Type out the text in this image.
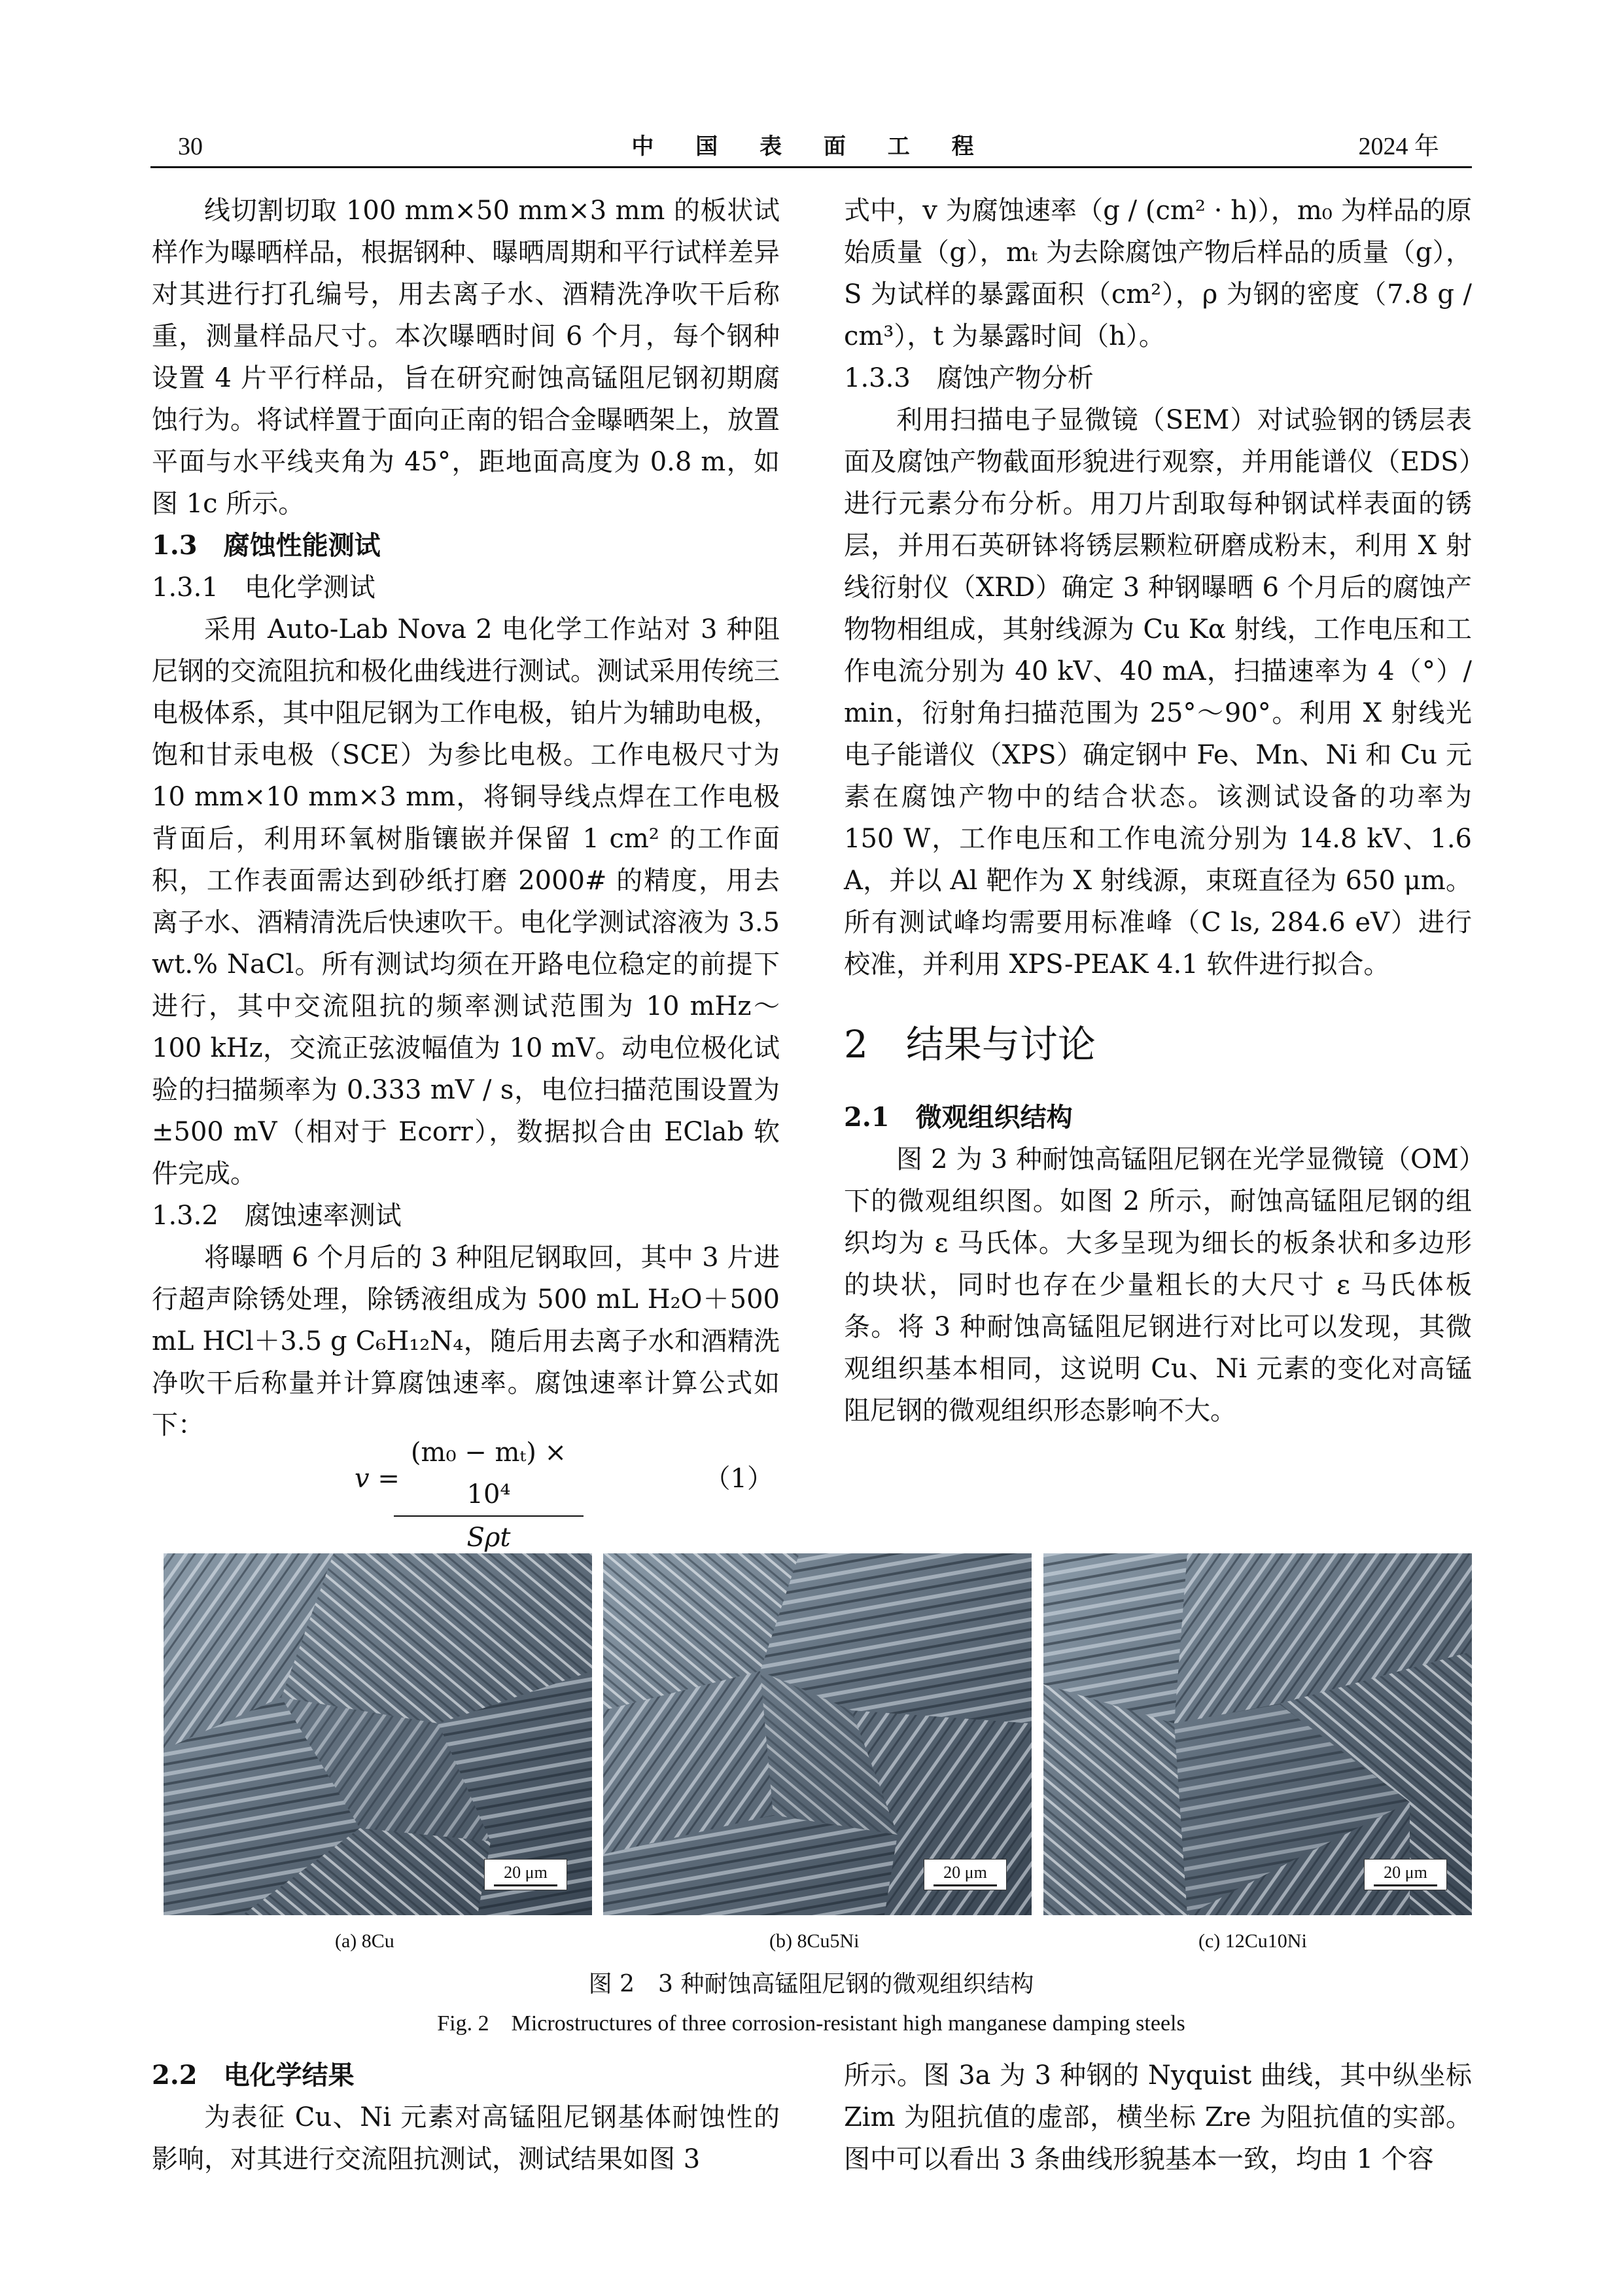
30	中 国 表 面 工 程	2024 年

线切割切取 100 mm×50 mm×3 mm 的板状试样作为曝晒样品，根据钢种、曝晒周期和平行试样差异对其进行打孔编号，用去离子水、酒精洗净吹干后称重，测量样品尺寸。本次曝晒时间 6 个月，每个钢种设置 4 片平行样品，旨在研究耐蚀高锰阻尼钢初期腐蚀行为。将试样置于面向正南的铝合金曝晒架上，放置平面与水平线夹角为 45°，距地面高度为 0.8 m，如图 1c 所示。

1.3　腐蚀性能测试

1.3.1　电化学测试

采用 Auto-Lab Nova 2 电化学工作站对 3 种阻尼钢的交流阻抗和极化曲线进行测试。测试采用传统三电极体系，其中阻尼钢为工作电极，铂片为辅助电极，饱和甘汞电极（SCE）为参比电极。工作电极尺寸为 10 mm×10 mm×3 mm，将铜导线点焊在工作电极背面后，利用环氧树脂镶嵌并保留 1 cm² 的工作面积，工作表面需达到砂纸打磨 2000# 的精度，用去离子水、酒精清洗后快速吹干。电化学测试溶液为 3.5 wt.% NaCl。所有测试均须在开路电位稳定的前提下进行，其中交流阻抗的频率测试范围为 10 mHz～100 kHz，交流正弦波幅值为 10 mV。动电位极化试验的扫描频率为 0.333 mV / s，电位扫描范围设置为 ±500 mV（相对于 Ecorr），数据拟合由 EClab 软件完成。

1.3.2　腐蚀速率测试

将曝晒 6 个月后的 3 种阻尼钢取回，其中 3 片进行超声除锈处理，除锈液组成为 500 mL H₂O＋500 mL HCl＋3.5 g C₆H₁₂N₄，随后用去离子水和酒精洗净吹干后称量并计算腐蚀速率。腐蚀速率计算公式如下：

v =
(m₀ − mₜ) × 10⁴
Sρt
（1）

式中，v 为腐蚀速率（g / (cm² · h)），m₀ 为样品的原始质量（g），mₜ 为去除腐蚀产物后样品的质量（g），S 为试样的暴露面积（cm²），ρ 为钢的密度（7.8 g / cm³），t 为暴露时间（h）。

1.3.3　腐蚀产物分析

利用扫描电子显微镜（SEM）对试验钢的锈层表面及腐蚀产物截面形貌进行观察，并用能谱仪（EDS）进行元素分布分析。用刀片刮取每种钢试样表面的锈层，并用石英研钵将锈层颗粒研磨成粉末，利用 X 射线衍射仪（XRD）确定 3 种钢曝晒 6 个月后的腐蚀产物物相组成，其射线源为 Cu Kα 射线，工作电压和工作电流分别为 40 kV、40 mA，扫描速率为 4（°）/ min，衍射角扫描范围为 25°～90°。利用 X 射线光电子能谱仪（XPS）确定钢中 Fe、Mn、Ni 和 Cu 元素在腐蚀产物中的结合状态。该测试设备的功率为 150 W，工作电压和工作电流分别为 14.8 kV、1.6 A，并以 Al 靶作为 X 射线源，束斑直径为 650 μm。所有测试峰均需要用标准峰（C ls, 284.6 eV）进行校准，并利用 XPS-PEAK 4.1 软件进行拟合。

2　结果与讨论

2.1　微观组织结构

图 2 为 3 种耐蚀高锰阻尼钢在光学显微镜（OM）下的微观组织图。如图 2 所示，耐蚀高锰阻尼钢的组织均为 ε 马氏体。大多呈现为细长的板条状和多边形的块状，同时也存在少量粗长的大尺寸 ε 马氏体板条。将 3 种耐蚀高锰阻尼钢进行对比可以发现，其微观组织基本相同，这说明 Cu、Ni 元素的变化对高锰阻尼钢的微观组织形态影响不大。

20 μm	20 μm	20 μm
(a) 8Cu	(b) 8Cu5Ni	(c) 12Cu10Ni
图 2　3 种耐蚀高锰阻尼钢的微观组织结构
Fig. 2　Microstructures of three corrosion-resistant high manganese damping steels

2.2　电化学结果

为表征 Cu、Ni 元素对高锰阻尼钢基体耐蚀性的影响，对其进行交流阻抗测试，测试结果如图 3

所示。图 3a 为 3 种钢的 Nyquist 曲线，其中纵坐标 Zim 为阻抗值的虚部，横坐标 Zre 为阻抗值的实部。图中可以看出 3 条曲线形貌基本一致，均由 1 个容
